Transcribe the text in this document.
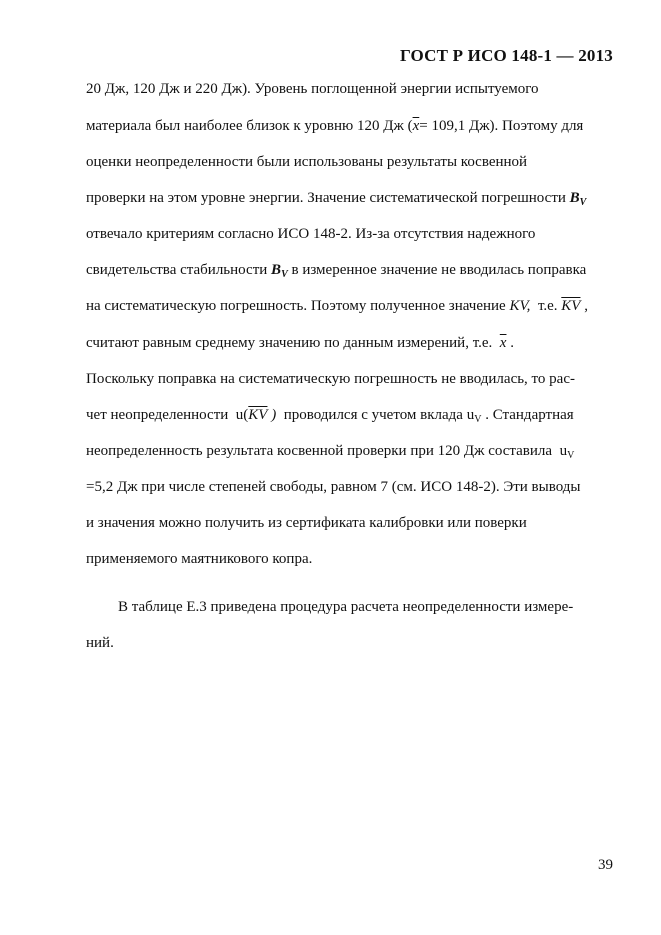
ГОСТ Р ИСО 148-1 — 2013
20 Дж, 120 Дж и 220 Дж). Уровень поглощенной энергии испытуемого
материала был наиболее близок к уровню 120 Дж ($\overline{x}= 109,1$ Дж). Поэтому для
оценки неопределенности были использованы результаты косвенной
проверки на этом уровне энергии. Значение систематической погрешности $B_V$
отвечало критериям согласно ИСО 148-2. Из-за отсутствия надежного
свидетельства стабильности $B_V$ в измеренное значение не вводилась поправка
на систематическую погрешность. Поэтому полученное значение KV, т.е. $\overline{KV}$ ,
считают равным среднему значению по данным измерений, т.е. $\overline{x}$ .
Поскольку поправка на систематическую погрешность не вводилась, то рас-
чет неопределенности $u(\overline{KV}$ ) проводился с учетом вклада $u_V$ . Стандартная
неопределенность результата косвенной проверки при 120 Дж составила $u_V$
=5,2 Дж при числе степеней свободы, равном 7 (см. ИСО 148-2). Эти выводы
и значения можно получить из сертификата калибровки или поверки
применяемого маятникового копра.
В таблице Е.3 приведена процедура расчета неопределенности измере-
ний.
39
